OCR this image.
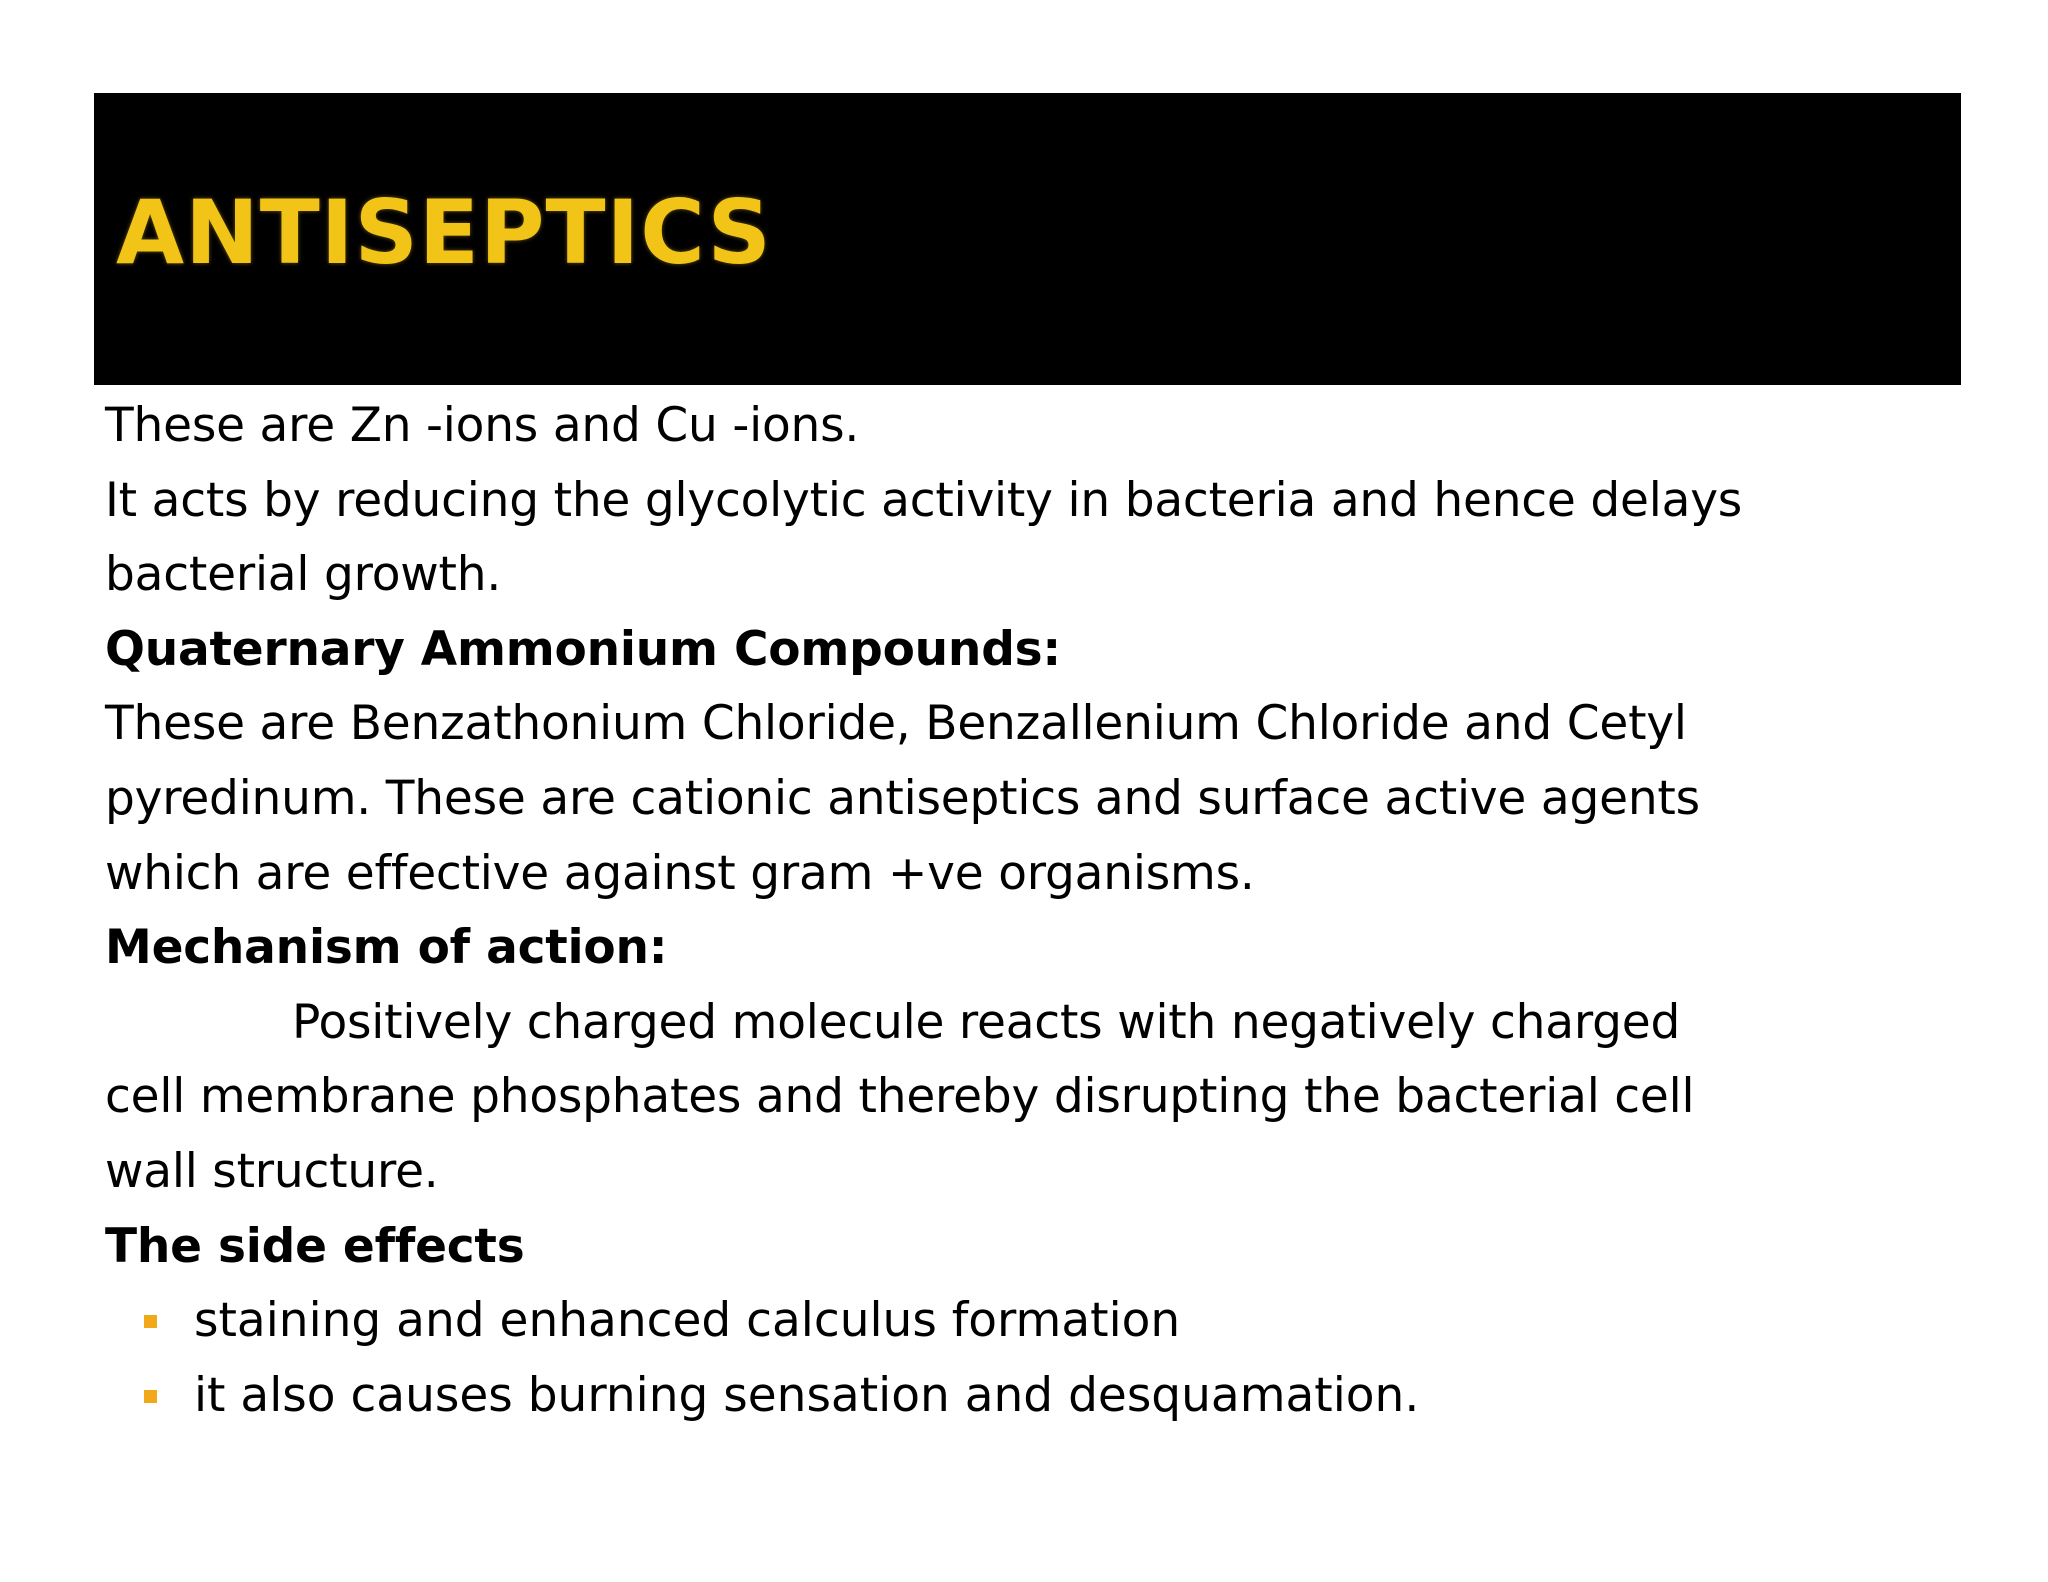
ANTISEPTICS
These are Zn -ions and Cu -ions.
It acts by reducing the glycolytic activity in bacteria and hence delays
bacterial growth.
Quaternary Ammonium Compounds:
These are Benzathonium Chloride, Benzallenium Chloride and Cetyl
pyredinum. These are cationic antiseptics and surface active agents
which are effective against gram +ve organisms.
Mechanism of action:
Positively charged molecule reacts with negatively charged
cell membrane phosphates and thereby disrupting the bacterial cell
wall structure.
The side effects
staining and enhanced calculus formation
it also causes burning sensation and desquamation.
